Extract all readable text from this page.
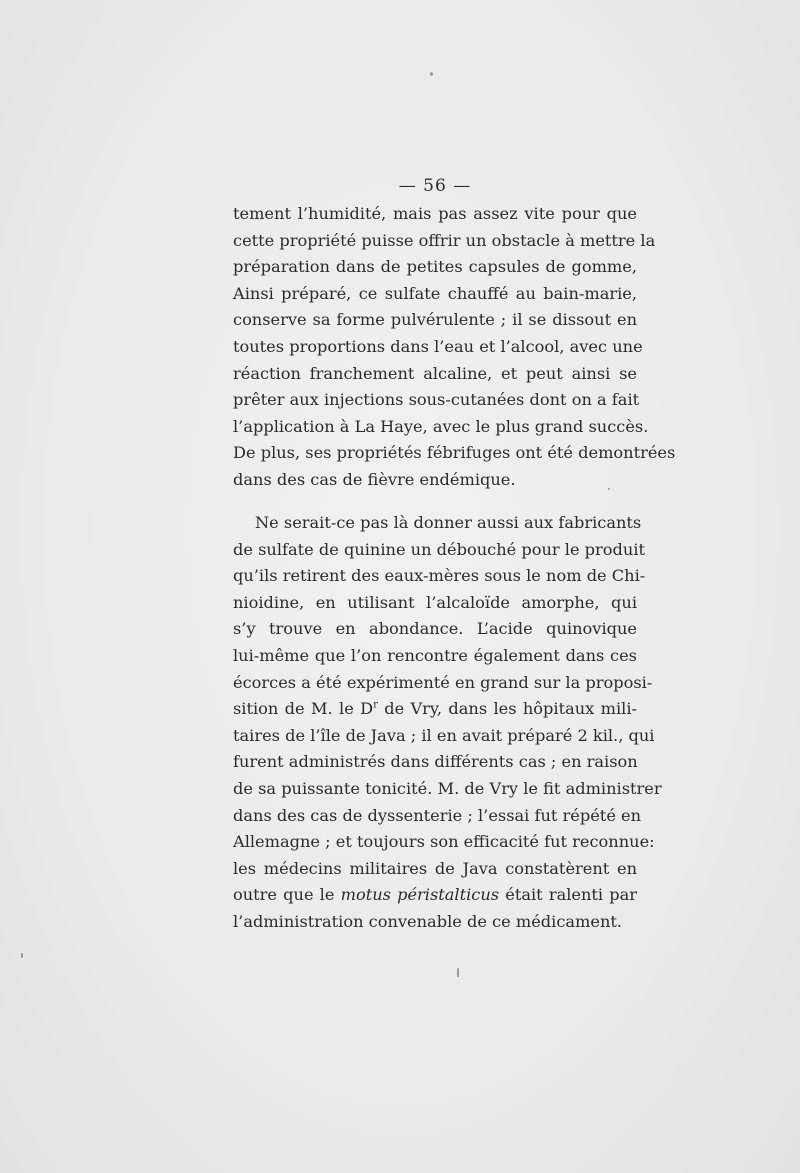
— 56 —
tement l’humidité, mais pas assez vite pour que
cette propriété puisse offrir un obstacle à mettre la
préparation dans de petites capsules de gomme,
Ainsi préparé, ce sulfate chauffé au bain-marie,
conserve sa forme pulvérulente ; il se dissout en
toutes proportions dans l’eau et l’alcool, avec une
réaction franchement alcaline, et peut ainsi se
prêter aux injections sous-cutanées dont on a fait
l’application à La Haye, avec le plus grand succès.
De plus, ses propriétés fébrifuges ont été demontrées
dans des cas de fièvre endémique.
Ne serait-ce pas là donner aussi aux fabricants
de sulfate de quinine un débouché pour le produit
qu’ils retirent des eaux-mères sous le nom de Chi-
nioidine, en utilisant l’alcaloïde amorphe, qui
s’y trouve en abondance. L’acide quinovique
lui-même que l’on rencontre également dans ces
écorces a été expérimenté en grand sur la proposi-
sition de M. le $D^r$ de Vry, dans les hôpitaux mili-
taires de l’île de Java ; il en avait préparé 2 kil., qui
furent administrés dans différents cas ; en raison
de sa puissante tonicité. M. de Vry le fit administrer
dans des cas de dyssenterie ; l’essai fut répété en
Allemagne ; et toujours son efficacité fut reconnue:
les médecins militaires de Java constatèrent en
outre que le motus péristalticus était ralenti par
l’administration convenable de ce médicament.
